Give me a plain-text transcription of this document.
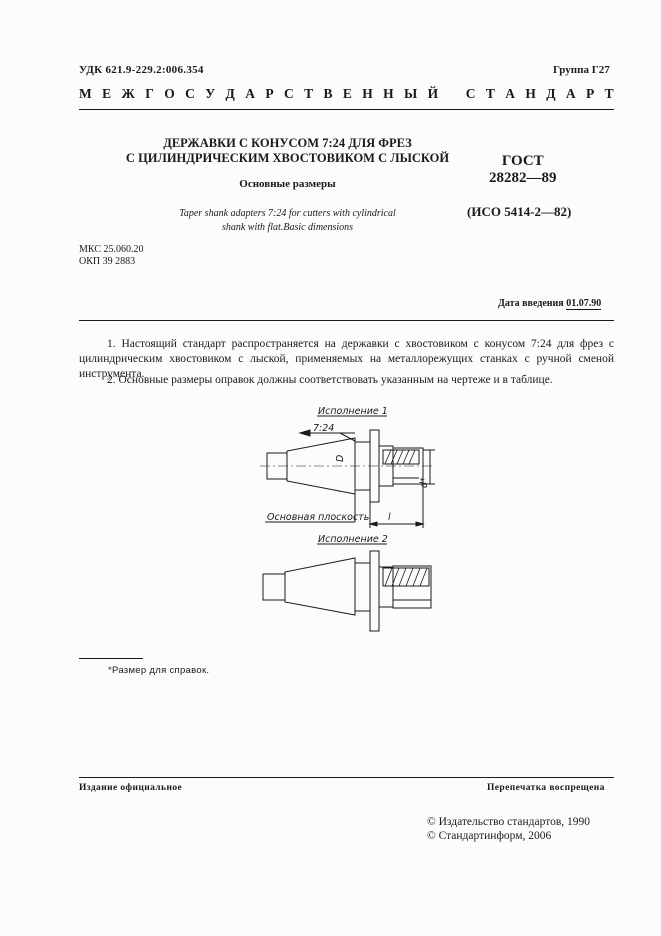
УДК 621.9-229.2:006.354	Группа Г27
М Е Ж Г О С У Д А Р С Т В Е Н Н Ы Й
С Т А Н Д А Р Т
ДЕРЖАВКИ С КОНУСОМ 7:24 ДЛЯ ФРЕЗ
С ЦИЛИНДРИЧЕСКИМ ХВОСТОВИКОМ С ЛЫСКОЙ	ГОСТ
28282—89
Основные размеры
Taper shank adapters 7:24 for cutters with cylindrical
shank with flat.Basic dimensions
(ИСО 5414-2—82)
МКС 25.060.20
ОКП 39 2883
Дата введения 01.07.90
1. Настоящий стандарт распространяется на державки с хвостовиком с конусом 7:24 для фрез с цилиндрическим хвостовиком с лыской, применяемых на металлорежущих станках с ручной сменой инструмента.
2. Основные размеры оправок должны соответствовать указанным на чертеже и в таблице.
Исполнение 1
7:24
D
d*
Основная плоскость l
Исполнение 2
*Размер для справок.
Издание официальное	Перепечатка воспрещена
© Издательство стандартов, 1990
© Стандартинформ, 2006
